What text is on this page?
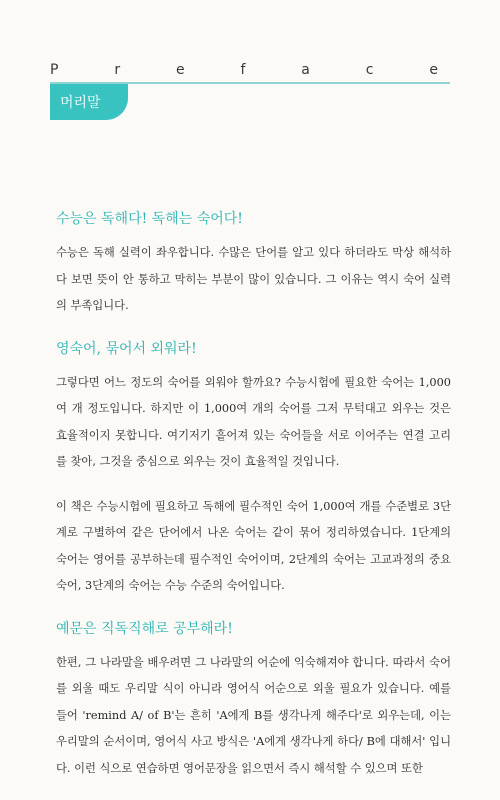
P	r	e	f	a	c	e
머리말
수능은 독해다! 독해는 숙어다!

수능은 독해 실력이 좌우합니다. 수많은 단어를 알고 있다 하더라도 막상 해석하다 보면 뜻이 안 통하고 막히는 부분이 많이 있습니다. 그 이유는 역시 숙어 실력의 부족입니다.

영숙어, 묶어서 외워라!

그렇다면 어느 정도의 숙어를 외워야 할까요? 수능시험에 필요한 숙어는 1,000여 개 정도입니다. 하지만 이 1,000여 개의 숙어를 그저 무턱대고 외우는 것은 효율적이지 못합니다. 여기저기 흩어져 있는 숙어들을 서로 이어주는 연결 고리를 찾아, 그것을 중심으로 외우는 것이 효율적일 것입니다.

이 책은 수능시험에 필요하고 독해에 필수적인 숙어 1,000여 개를 수준별로 3단계로 구별하여 같은 단어에서 나온 숙어는 같이 묶어 정리하였습니다. 1단계의 숙어는 영어를 공부하는데 필수적인 숙어이며, 2단계의 숙어는 고교과정의 중요 숙어, 3단계의 숙어는 수능 수준의 숙어입니다.

예문은 직독직해로 공부해라!

한편, 그 나라말을 배우려면 그 나라말의 어순에 익숙해져야 합니다. 따라서 숙어를 외울 때도 우리말 식이 아니라 영어식 어순으로 외울 필요가 있습니다. 예를 들어 'remind A/ of B'는 흔히 'A에게 B를 생각나게 해주다'로 외우는데, 이는 우리말의 순서이며, 영어식 사고 방식은 'A에게 생각나게 하다/ B에 대해서' 입니다. 이런 식으로 연습하면 영어문장을 읽으면서 즉시 해석할 수 있으며 또한
